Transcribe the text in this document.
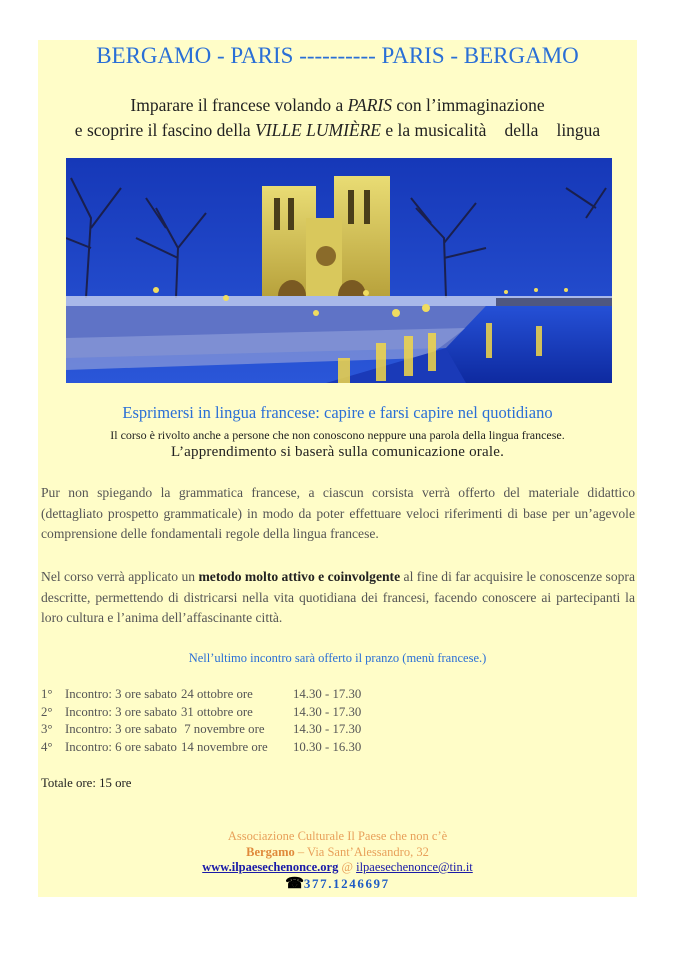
BERGAMO - PARIS ---------- PARIS - BERGAMO
Imparare il francese volando a PARIS con l’immaginazione
e scoprire il fascino della VILLE LUMIÈRE e la musicalità della lingua
Esprimersi in lingua francese: capire e farsi capire nel quotidiano
Il corso è rivolto anche a persone che non conoscono neppure una parola della lingua francese.
L’apprendimento si baserà sulla comunicazione orale.
Pur non spiegando la grammatica francese, a ciascun corsista verrà offerto del materiale didattico (dettagliato prospetto grammaticale) in modo da poter effettuare veloci riferimenti di base per un’agevole comprensione delle fondamentali regole della lingua francese.
Nel corso verrà applicato un metodo molto attivo e coinvolgente al fine di far acquisire le conoscenze sopra descritte, permettendo di districarsi nella vita quotidiana dei francesi, facendo conoscere ai partecipanti la loro cultura e l’anima dell’affascinante città.
Nell’ultimo incontro sarà offerto il pranzo (menù francese.)
1° Incontro: 3 ore sabato 24 ottobre ore	14.30 - 17.30
2° Incontro: 3 ore sabato 31 ottobre ore	14.30 - 17.30
3° Incontro: 3 ore sabato 7 novembre ore 14.30 - 17.30
4° Incontro: 6 ore sabato 14 novembre ore 10.30 - 16.30
Totale ore: 15 ore
Associazione Culturale Il Paese che non c’è
Bergamo – Via Sant’Alessandro, 32
www.ilpaesechenonce.org @ ilpaesechenonce@tin.it
☎377.1246697
